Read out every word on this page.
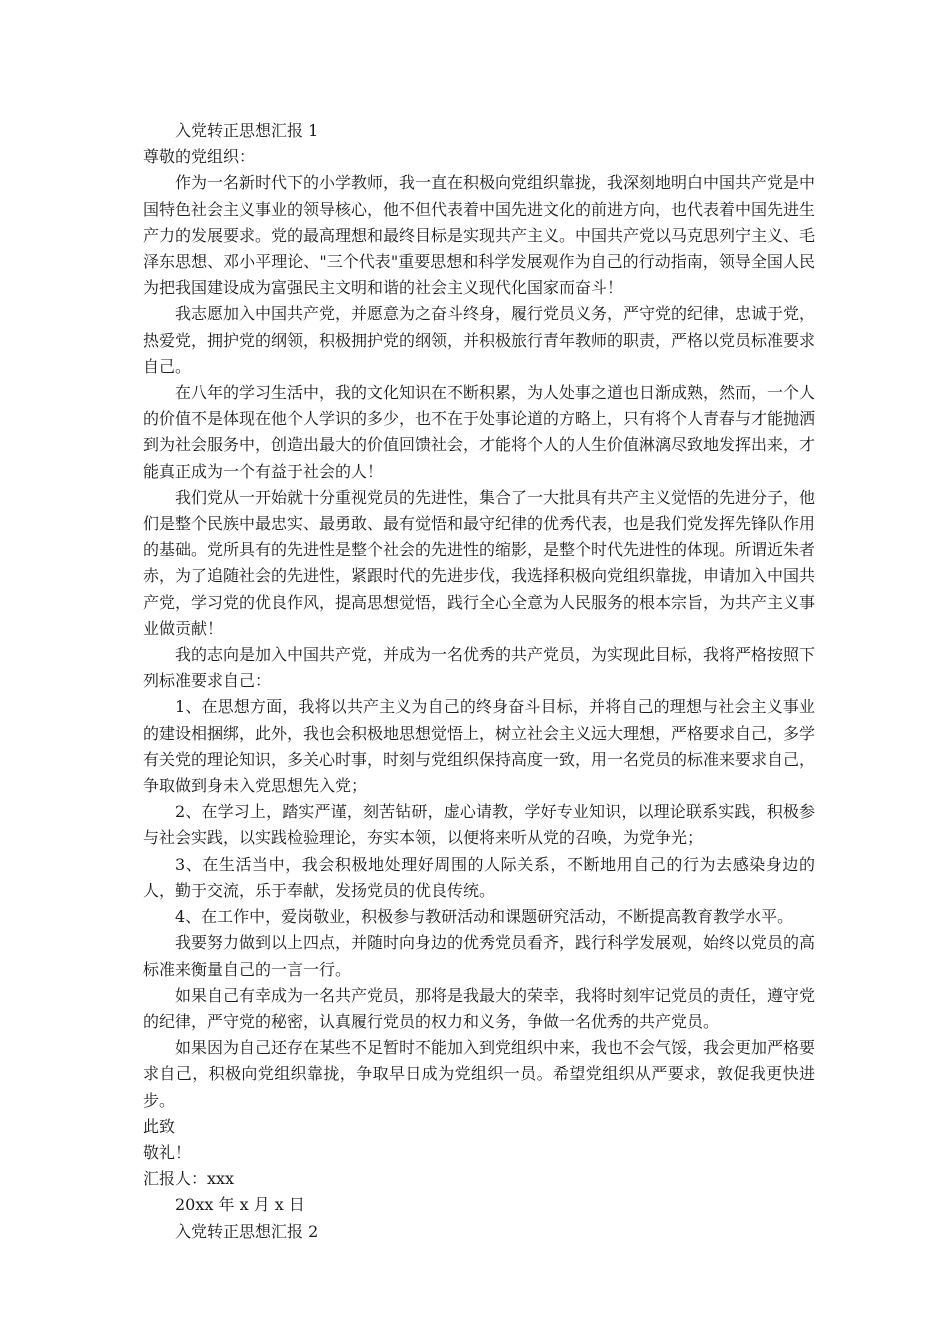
入党转正思想汇报 1

尊敬的党组织：

作为一名新时代下的小学教师，我一直在积极向党组织靠拢，我深刻地明白中国共产党是中国特色社会主义事业的领导核心，他不但代表着中国先进文化的前进方向，也代表着中国先进生产力的发展要求。党的最高理想和最终目标是实现共产主义。中国共产党以马克思列宁主义、毛泽东思想、邓小平理论、"三个代表"重要思想和科学发展观作为自己的行动指南，领导全国人民为把我国建设成为富强民主文明和谐的社会主义现代化国家而奋斗！

我志愿加入中国共产党，并愿意为之奋斗终身，履行党员义务，严守党的纪律，忠诚于党，热爱党，拥护党的纲领，积极拥护党的纲领，并积极旅行青年教师的职责，严格以党员标准要求自己。

在八年的学习生活中，我的文化知识在不断积累，为人处事之道也日渐成熟，然而，一个人的价值不是体现在他个人学识的多少，也不在于处事论道的方略上，只有将个人青春与才能抛洒到为社会服务中，创造出最大的价值回馈社会，才能将个人的人生价值淋漓尽致地发挥出来，才能真正成为一个有益于社会的人！

我们党从一开始就十分重视党员的先进性，集合了一大批具有共产主义觉悟的先进分子，他们是整个民族中最忠实、最勇敢、最有觉悟和最守纪律的优秀代表，也是我们党发挥先锋队作用的基础。党所具有的先进性是整个社会的先进性的缩影，是整个时代先进性的体现。所谓近朱者赤，为了追随社会的先进性，紧跟时代的先进步伐，我选择积极向党组织靠拢，申请加入中国共产党，学习党的优良作风，提高思想觉悟，践行全心全意为人民服务的根本宗旨，为共产主义事业做贡献！

我的志向是加入中国共产党，并成为一名优秀的共产党员，为实现此目标，我将严格按照下列标准要求自己：

1、在思想方面，我将以共产主义为自己的终身奋斗目标，并将自己的理想与社会主义事业的建设相捆绑，此外，我也会积极地思想觉悟上，树立社会主义远大理想，严格要求自己，多学有关党的理论知识，多关心时事，时刻与党组织保持高度一致，用一名党员的标准来要求自己，争取做到身未入党思想先入党；

2、在学习上，踏实严谨，刻苦钻研，虚心请教，学好专业知识，以理论联系实践，积极参与社会实践，以实践检验理论，夯实本领，以便将来听从党的召唤，为党争光；

3、在生活当中，我会积极地处理好周围的人际关系，不断地用自己的行为去感染身边的人，勤于交流，乐于奉献，发扬党员的优良传统。

4、在工作中，爱岗敬业，积极参与教研活动和课题研究活动，不断提高教育教学水平。

我要努力做到以上四点，并随时向身边的优秀党员看齐，践行科学发展观，始终以党员的高标准来衡量自己的一言一行。

如果自己有幸成为一名共产党员，那将是我最大的荣幸，我将时刻牢记党员的责任，遵守党的纪律，严守党的秘密，认真履行党员的权力和义务，争做一名优秀的共产党员。

如果因为自己还存在某些不足暂时不能加入到党组织中来，我也不会气馁，我会更加严格要求自己，积极向党组织靠拢，争取早日成为党组织一员。希望党组织从严要求，敦促我更快进步。

此致

敬礼！

汇报人：xxx

20xx 年 x 月 x 日

入党转正思想汇报 2
